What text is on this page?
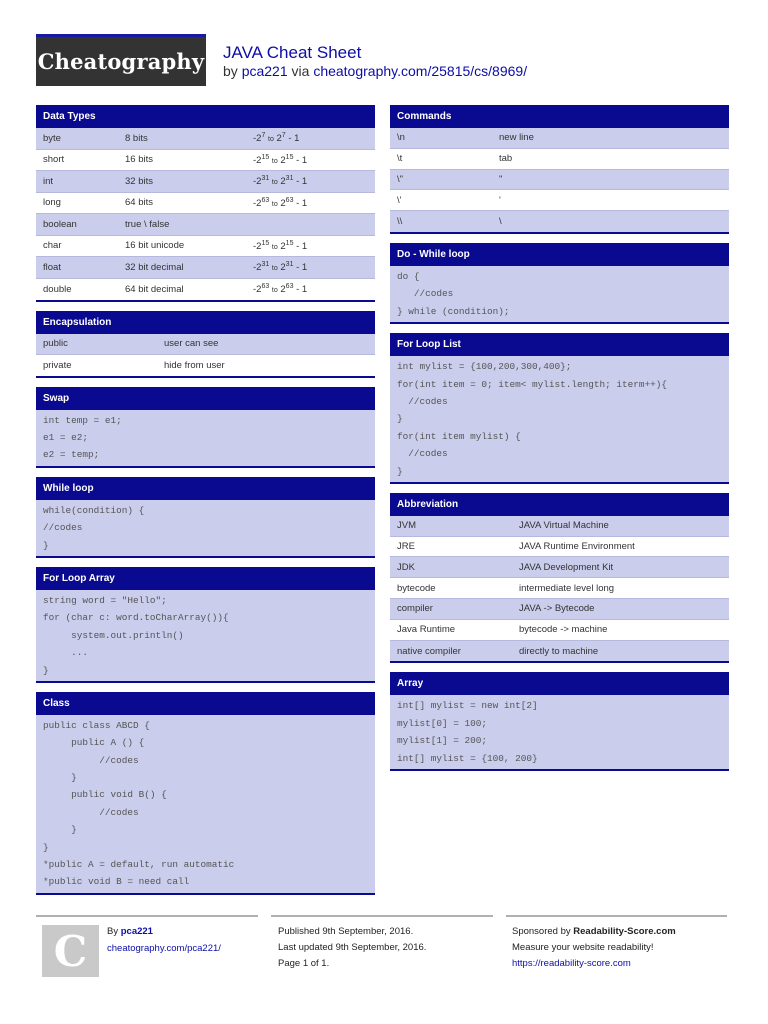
Cheatography JAVA Cheat Sheet
by pca221 via cheatography.com/25815/cs/8969/
Data Types
byte	8 bits	$-2^7$ to $2^7 - 1$
short	16 bits	$-2^{15}$ to $2^{15} - 1$
int	32 bits	$-2^{31}$ to $2^{31} - 1$
long	64 bits	$-2^{63}$ to $2^{63} - 1$
boolean	true \ false
char	16 bit unicode	$-2^{15}$ to $2^{15} - 1$
float	32 bit decimal	$-2^{31}$ to $2^{31} - 1$
double	64 bit decimal	$-2^{63}$ to $2^{63} - 1$
Encapsulation
public	user can see
private	hide from user
Swap
int temp = e1;
e1 = e2;
e2 = temp;
While loop
while(condition) {
//codes
}
For Loop Array
string word = "Hello";
for (char c: word.toCharArray()){
system.out.println()
...
}
Class
public class ABCD {
public A () {
//codes
}
public void B() {
//codes
}
}
*public A = default, run automatic
*public void B = need call
Commands
\n	new line
\t	tab
\"	"
\'	'
\\	\
Do - While loop
do {
//codes
} while (condition);
For Loop List
int mylist = {100,200,300,400};
for(int item = 0; item< mylist.length; iterm++){
//codes
}
for(int item mylist) {
//codes
}
Abbreviation
JVM	JAVA Virtual Machine
JRE	JAVA Runtime Environment
JDK	JAVA Development Kit
bytecode	intermediate level long
compiler	JAVA -> Bytecode
Java Runtime	bytecode -> machine
native compiler	directly to machine
Array
int[] mylist = new int[2]
mylist[0] = 100;
mylist[1] = 200;
int[] mylist = {100, 200}
C By pca221
cheatography.com/pca221/
Published 9th September, 2016.
Last updated 9th September, 2016.
Page 1 of 1.
Sponsored by Readability-Score.com
Measure your website readability!
https://readability-score.com
